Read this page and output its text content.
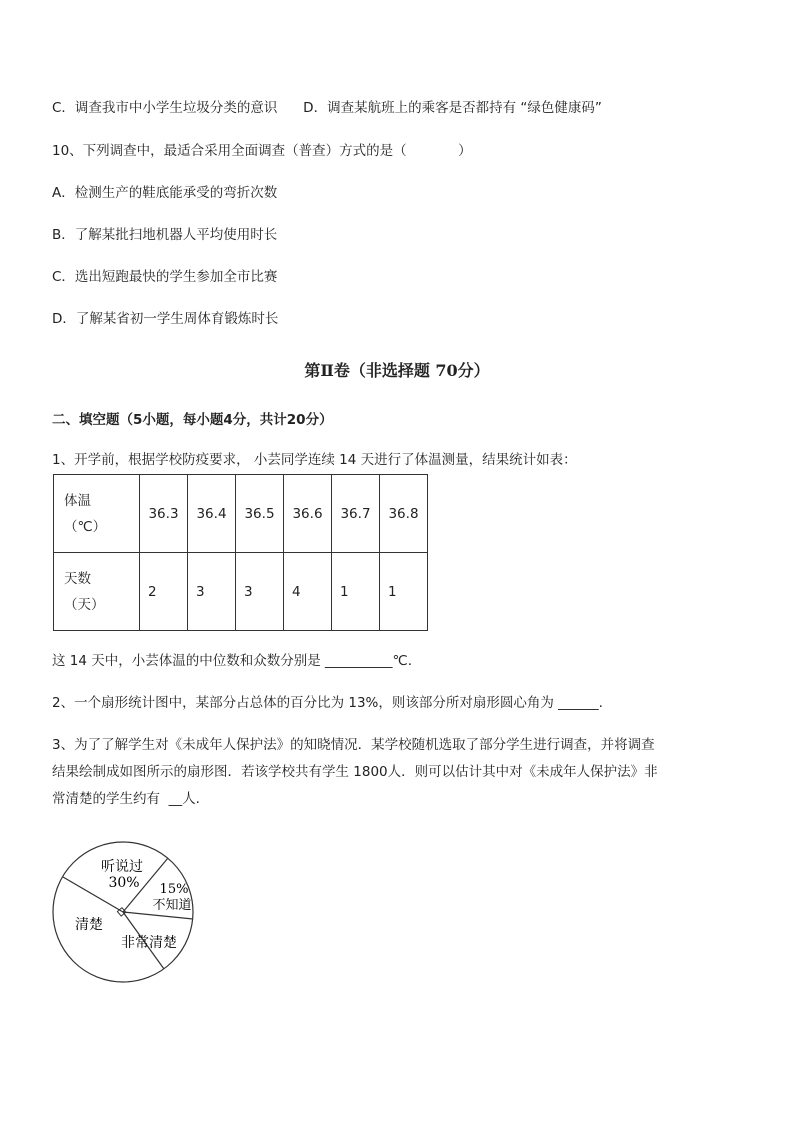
C．调查我市中小学生垃圾分类的意识      D．调查某航班上的乘客是否都持有 “绿色健康码”
10、下列调查中，最适合采用全面调查（普查）方式的是（            ）
A．检测生产的鞋底能承受的弯折次数
B．了解某批扫地机器人平均使用时长
C．选出短跑最快的学生参加全市比赛
D．了解某省初一学生周体育锻炼时长
第Ⅱ卷（非选择题 70分）
二、填空题（5小题，每小题4分，共计20分）
1、开学前，根据学校防疫要求， 小芸同学连续 14 天进行了体温测量，结果统计如表：
体温
（℃）	36.3	36.4	36.5	36.6	36.7	36.8

天数
（天）	2	3	3	4	1	1
这 14 天中，小芸体温的中位数和众数分别是 __________℃.
2、一个扇形统计图中，某部分占总体的百分比为 13%，则该部分所对扇形圆心角为 ______.
3、为了了解学生对《未成年人保护法》的知晓情况．某学校随机选取了部分学生进行调查，并将调查
结果绘制成如图所示的扇形图．若该学校共有学生 1800人．则可以估计其中对《未成年人保护法》非
常清楚的学生约有  __人.
听说过
30% 15%
不知道
非常清楚
清楚
